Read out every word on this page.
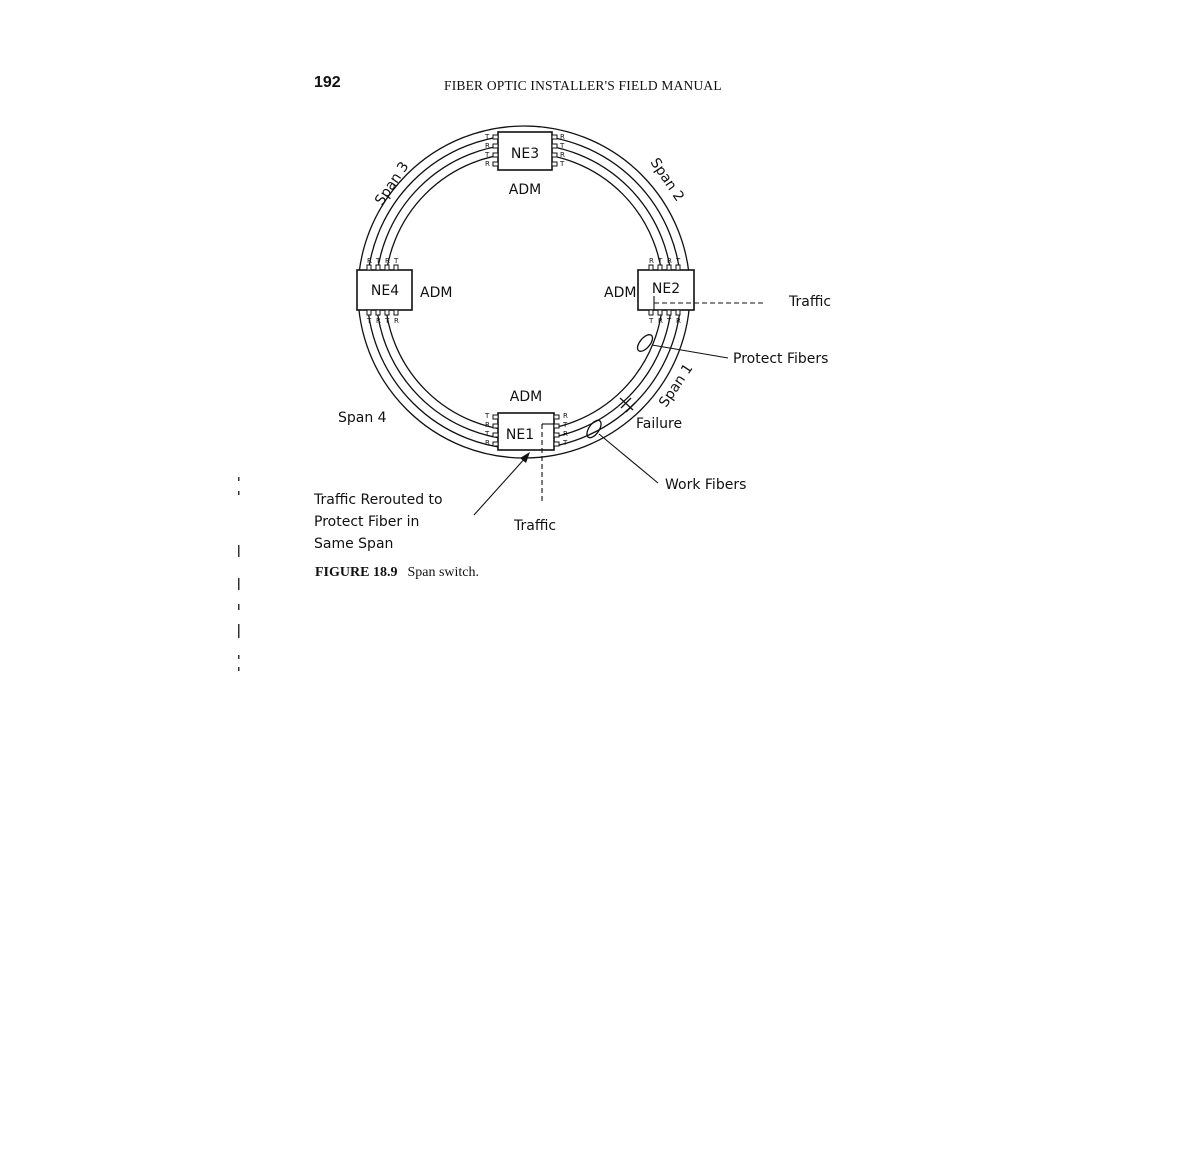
192	FIBER OPTIC INSTALLER'S FIELD MANUAL
NE3
ADM
NE4 ADM	NE2
ADM
NE1
ADM
T
R
T
R
R
T
R
T
T
R
T
R
R
T
R
T
R T R T
T R T R
R T R T
T R T R
Span 3	Span 2
Span 1
Span 4
Traffic
Protect Fibers
Failure
Work Fibers
Traffic
Traffic Rerouted to
Protect Fiber in
Same Span
FIGURE 18.9 Span switch.
